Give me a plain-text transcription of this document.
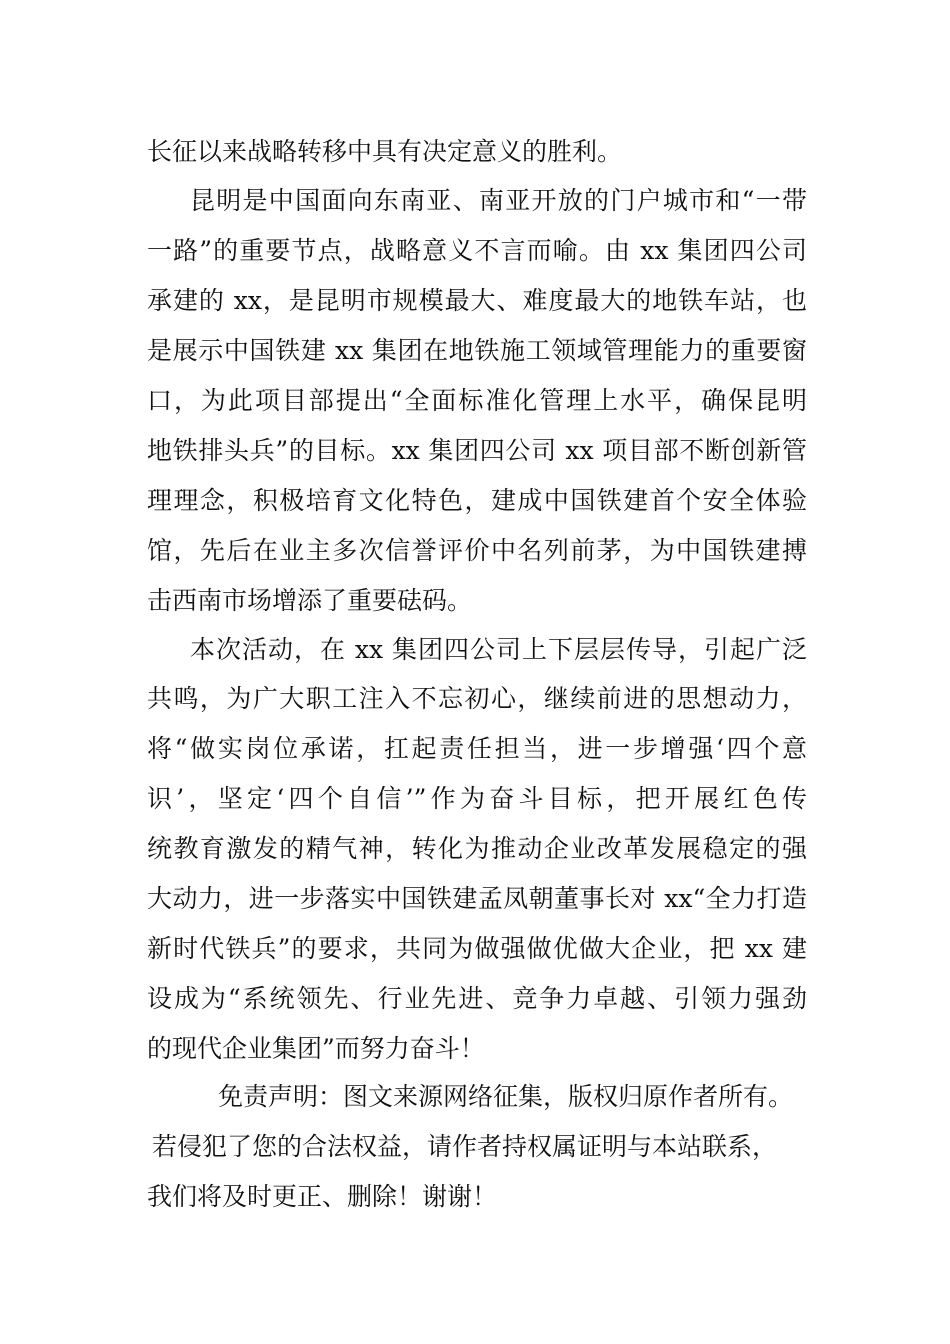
长征以来战略转移中具有决定意义的胜利。
昆明是中国面向东南亚、南亚开放的门户城市和“一带
一路”的重要节点，战略意义不言而喻。由 xx 集团四公司
承建的 xx，是昆明市规模最大、难度最大的地铁车站，也
是展示中国铁建 xx 集团在地铁施工领域管理能力的重要窗
口，为此项目部提出“全面标准化管理上水平，确保昆明
地铁排头兵”的目标。xx 集团四公司 xx 项目部不断创新管
理理念，积极培育文化特色，建成中国铁建首个安全体验
馆，先后在业主多次信誉评价中名列前茅，为中国铁建搏
击西南市场增添了重要砝码。
本次活动，在 xx 集团四公司上下层层传导，引起广泛
共鸣，为广大职工注入不忘初心，继续前进的思想动力，
将“做实岗位承诺，扛起责任担当，进一步增强‘四个意
识’，坚定‘四个自信’”作为奋斗目标，把开展红色传
统教育激发的精气神，转化为推动企业改革发展稳定的强
大动力，进一步落实中国铁建孟凤朝董事长对 xx“全力打造
新时代铁兵”的要求，共同为做强做优做大企业，把 xx 建
设成为“系统领先、行业先进、竞争力卓越、引领力强劲
的现代企业集团”而努力奋斗！
免责声明：图文来源网络征集，版权归原作者所有。
若侵犯了您的合法权益，请作者持权属证明与本站联系，
我们将及时更正、删除！谢谢！
